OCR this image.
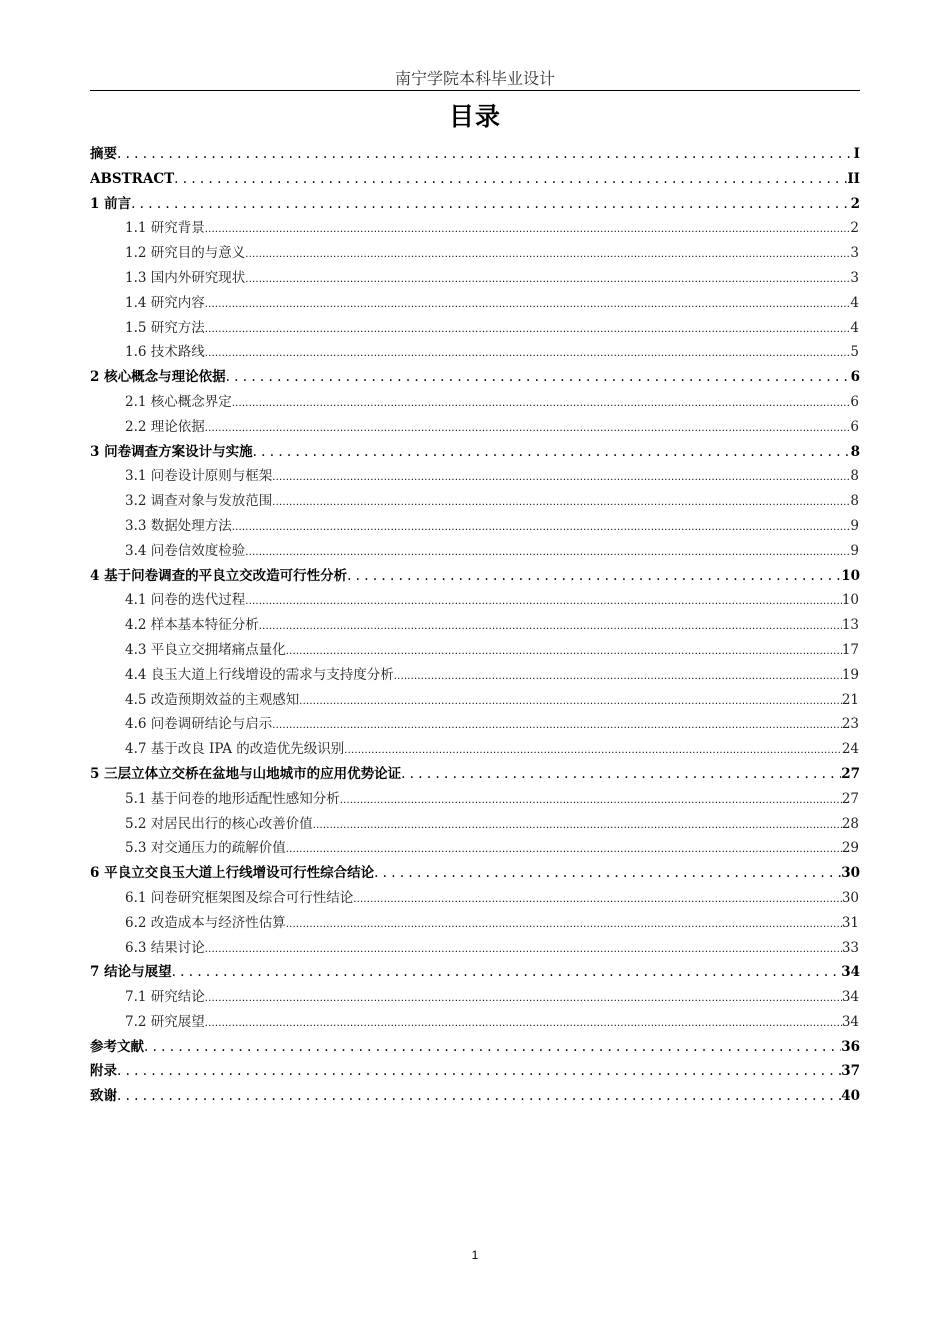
南宁学院本科毕业设计
目录
摘要 . . .	I
ABSTRACT . . .	II
1 前言 . . .	2
1.1 研究背景 .....	2
1.2 研究目的与意义 .....	3
1.3 国内外研究现状 .....	3
1.4 研究内容 .....	4
1.5 研究方法 .....	4
1.6 技术路线 .....	5
2 核心概念与理论依据 . . .	6
2.1 核心概念界定 .....	6
2.2 理论依据 .....	6
3 问卷调查方案设计与实施 . . .	8
3.1 问卷设计原则与框架 .....	8
3.2 调查对象与发放范围 .....	8
3.3 数据处理方法 .....	9
3.4 问卷信效度检验 .....	9
4 基于问卷调查的平良立交改造可行性分析 . . .	10
4.1 问卷的迭代过程 .....	10
4.2 样本基本特征分析 .....	13
4.3 平良立交拥堵痛点量化 .....	17
4.4 良玉大道上行线增设的需求与支持度分析 .....	19
4.5 改造预期效益的主观感知 .....	21
4.6 问卷调研结论与启示 .....	23
4.7 基于改良 IPA 的改造优先级识别 .....	24
5 三层立体立交桥在盆地与山地城市的应用优势论证 . . .	27
5.1 基于问卷的地形适配性感知分析 .....	27
5.2 对居民出行的核心改善价值 .....	28
5.3 对交通压力的疏解价值 .....	29
6 平良立交良玉大道上行线增设可行性综合结论 . . .	30
6.1 问卷研究框架图及综合可行性结论 .....	30
6.2 改造成本与经济性估算 .....	31
6.3 结果讨论 .....	33
7 结论与展望 . . .	34
7.1 研究结论 .....	34
7.2 研究展望 .....	34
参考文献 . . .	36
附录 . . .	37
致谢 . . .	40
1
